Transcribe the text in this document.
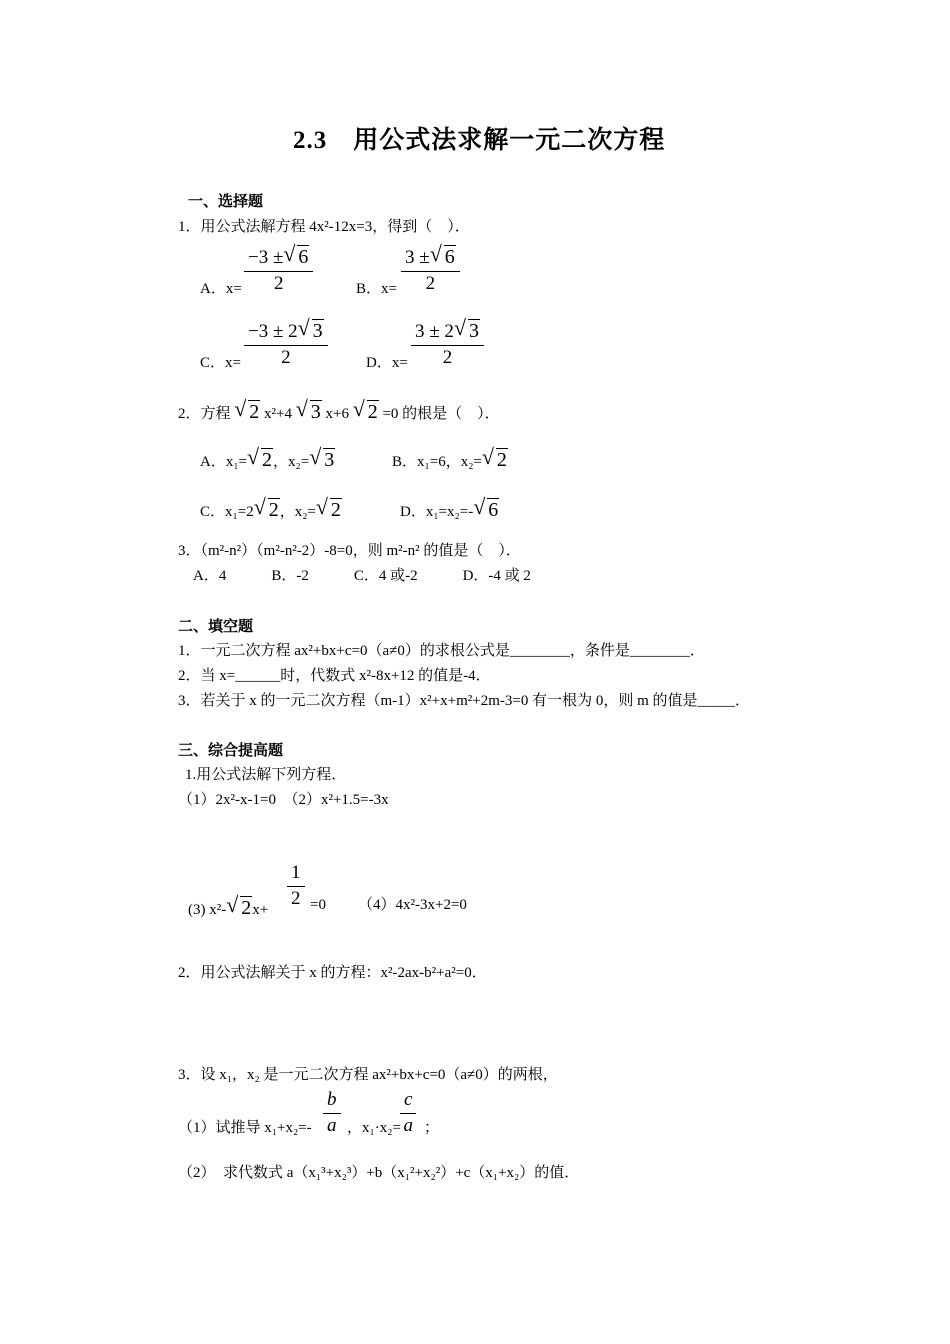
2.3　用公式法求解一元二次方程
一、选择题
1．用公式法解方程 4x²-12x=3，得到（　）．
A．$x= \frac{-3 \pm √ 6}{2}$	B．$x= \frac{3 \pm √ 6}{2}$
C．$x= \frac{-3 \pm 2 √ 3}{2}$	D．$x= \frac{3 \pm 2 √ 3}{2}$
2．方程 √ 2 x²+4 √ 3 x+6 √ 2 =0 的根是（　）．
A．x₁= √ 2，x₂= √ 3	B．x₁=6，x₂= √ 2
C．x₁=2 √ 2，x₂= √ 2	D．x₁=x₂=- √ 6
3．（m²-n²）（m²-n²-2）-8=0，则 m²-n² 的值是（　）．
A．4　　　B．-2　　　C．4 或-2　　　D．-4 或 2
二、填空题
1．一元二次方程 ax²+bx+c=0（a≠0）的求根公式是________，条件是________．
2．当 x=______时，代数式 x²-8x+12 的值是-4．
3．若关于 x 的一元二次方程（m-1）x²+x+m²+2m-3=0 有一根为 0，则 m 的值是_____．
三、综合提高题
1.用公式法解下列方程．
（1）2x²-x-1=0　（2）x²+1.5=-3x
(3) x²- √ $2x+ \frac{1}{2} =0$ （4）4x²-3x+2=0
2．用公式法解关于 x 的方程：x²-2ax-b²+a²=0．
3．设 x₁，x₂ 是一元二次方程 ax²+bx+c=0（a≠0）的两根，
（1）试推导 $x_1+x_2=- \frac{b}{a}$ ，$x_1\cdot x_2= \frac{c}{a}$ ；
（2）　求代数式 a（x₁³+x₂³）+b（x₁²+x₂²）+c（x₁+x₂）的值．
